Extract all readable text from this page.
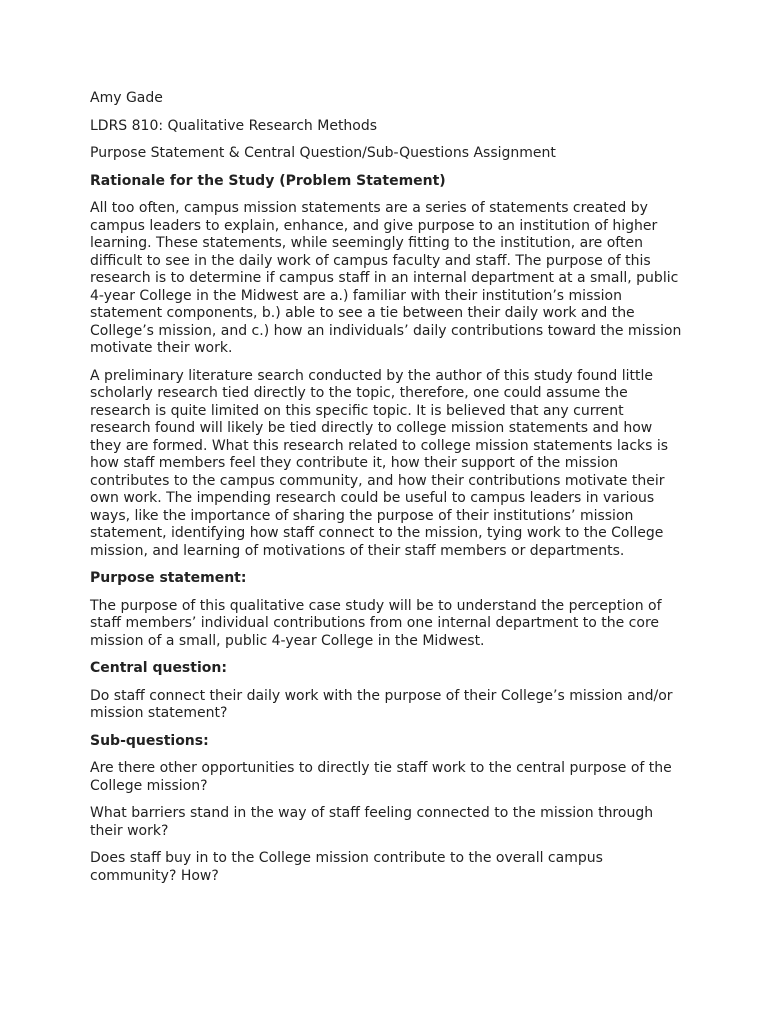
Amy Gade
LDRS 810: Qualitative Research Methods
Purpose Statement & Central Question/Sub-Questions Assignment
Rationale for the Study (Problem Statement)
All too often, campus mission statements are a series of statements created by
campus leaders to explain, enhance, and give purpose to an institution of higher
learning. These statements, while seemingly fitting to the institution, are often
difficult to see in the daily work of campus faculty and staff. The purpose of this
research is to determine if campus staff in an internal department at a small, public
4-year College in the Midwest are a.) familiar with their institution’s mission
statement components, b.) able to see a tie between their daily work and the
College’s mission, and c.) how an individuals’ daily contributions toward the mission
motivate their work.
A preliminary literature search conducted by the author of this study found little
scholarly research tied directly to the topic, therefore, one could assume the
research is quite limited on this specific topic. It is believed that any current
research found will likely be tied directly to college mission statements and how
they are formed. What this research related to college mission statements lacks is
how staff members feel they contribute it, how their support of the mission
contributes to the campus community, and how their contributions motivate their
own work. The impending research could be useful to campus leaders in various
ways, like the importance of sharing the purpose of their institutions’ mission
statement, identifying how staff connect to the mission, tying work to the College
mission, and learning of motivations of their staff members or departments.
Purpose statement:
The purpose of this qualitative case study will be to understand the perception of
staff members’ individual contributions from one internal department to the core
mission of a small, public 4-year College in the Midwest.
Central question:
Do staff connect their daily work with the purpose of their College’s mission and/or
mission statement?
Sub-questions:
Are there other opportunities to directly tie staff work to the central purpose of the
College mission?
What barriers stand in the way of staff feeling connected to the mission through
their work?
Does staff buy in to the College mission contribute to the overall campus
community? How?
